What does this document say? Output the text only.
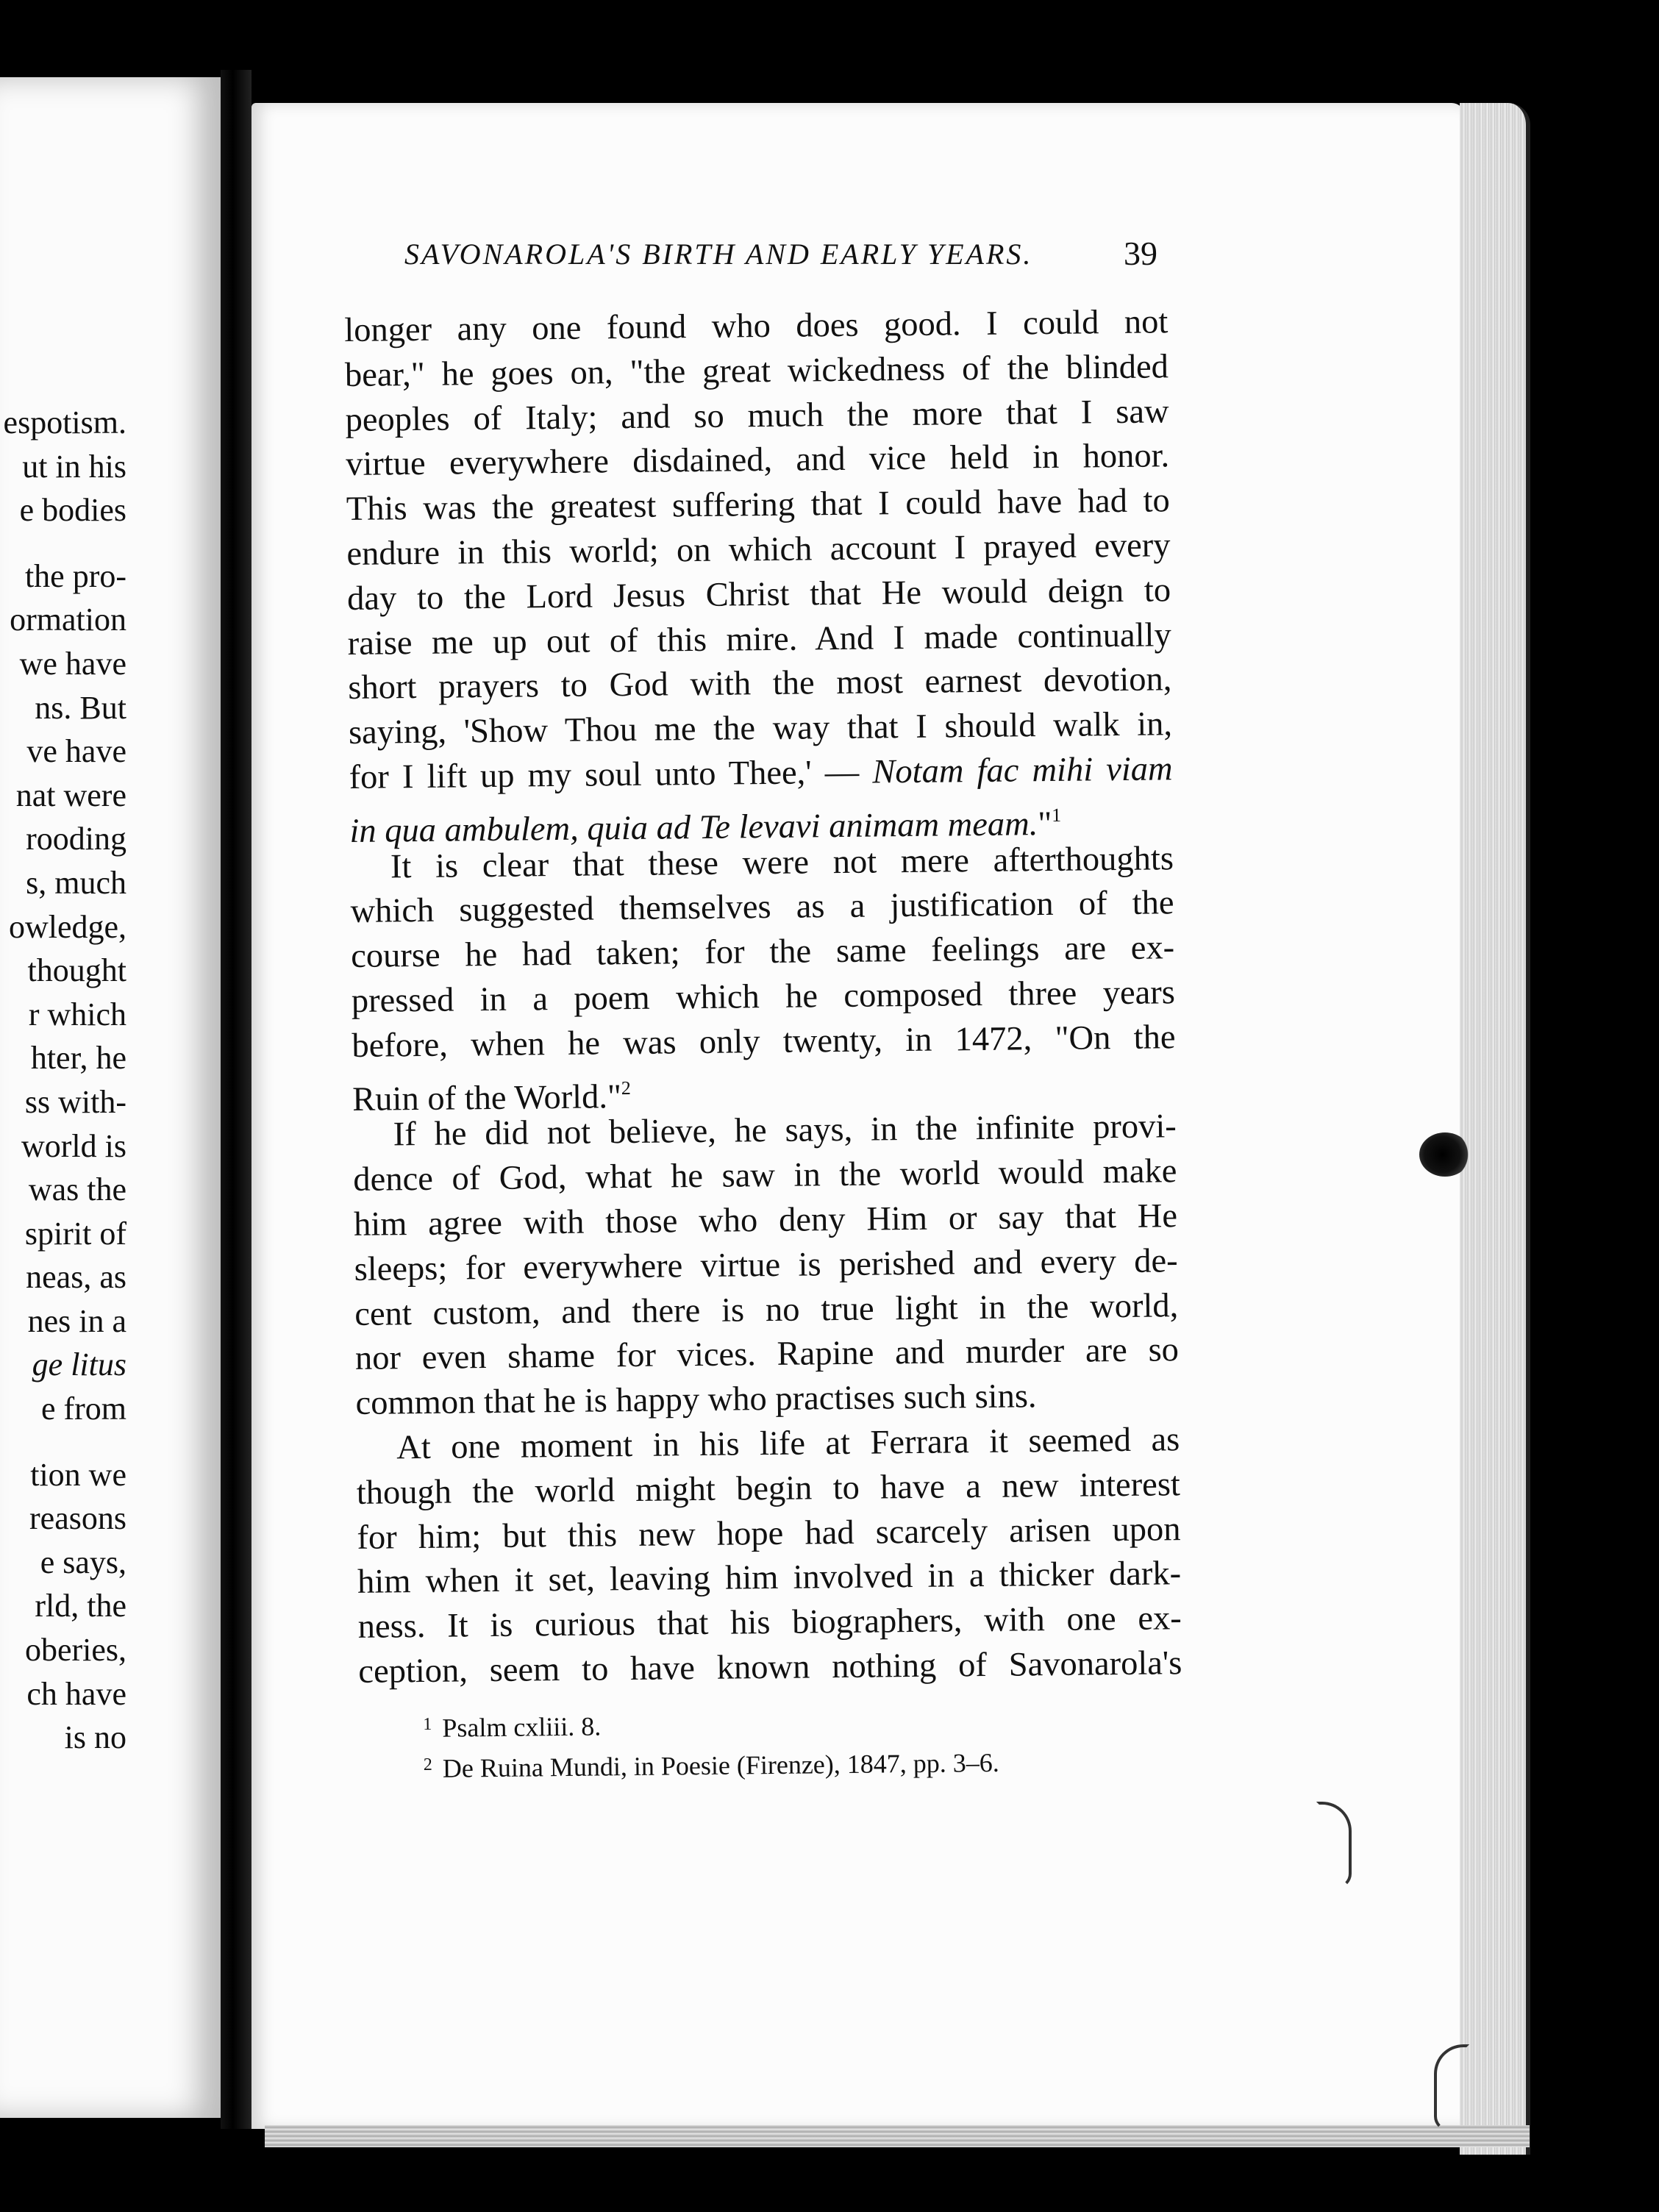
espotism.
ut in his
e bodies
the pro-
ormation
we have
ns. But
ve have
nat were
rooding
s, much
owledge,
thought
r which
hter, he
ss with-
world is
was the
spirit of
neas, as
nes in a
ge litus
e from
tion we
reasons
e says,
rld, the
oberies,
ch have
is no
SAVONAROLA'S BIRTH AND EARLY YEARS.	39
longer any one found who does good. I could not
bear," he goes on, "the great wickedness of the blinded
peoples of Italy; and so much the more that I saw
virtue everywhere disdained, and vice held in honor.
This was the greatest suffering that I could have had to
endure in this world; on which account I prayed every
day to the Lord Jesus Christ that He would deign to
raise me up out of this mire. And I made continually
short prayers to God with the most earnest devotion,
saying, 'Show Thou me the way that I should walk in,
for I lift up my soul unto Thee,' — Notam fac mihi viam
in qua ambulem, quia ad Te levavi animam meam."$^1$
It is clear that these were not mere afterthoughts
which suggested themselves as a justification of the
course he had taken; for the same feelings are ex-
pressed in a poem which he composed three years
before, when he was only twenty, in 1472, "On the
Ruin of the World."$^2$
If he did not believe, he says, in the infinite provi-
dence of God, what he saw in the world would make
him agree with those who deny Him or say that He
sleeps; for everywhere virtue is perished and every de-
cent custom, and there is no true light in the world,
nor even shame for vices. Rapine and murder are so
common that he is happy who practises such sins.
At one moment in his life at Ferrara it seemed as
though the world might begin to have a new interest
for him; but this new hope had scarcely arisen upon
him when it set, leaving him involved in a thicker dark-
ness. It is curious that his biographers, with one ex-
ception, seem to have known nothing of Savonarola's
$^1$ Psalm cxliii. 8.
$^2$ De Ruina Mundi, in Poesie (Firenze), 1847, pp. 3–6.
